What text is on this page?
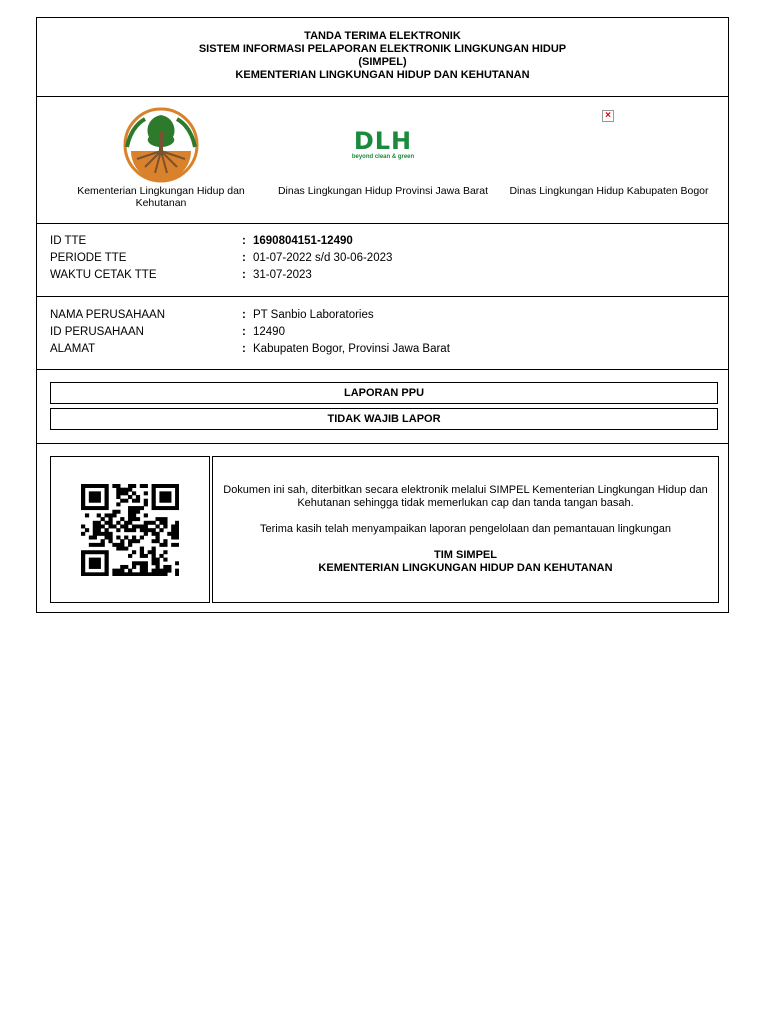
TANDA TERIMA ELEKTRONIK
SISTEM INFORMASI PELAPORAN ELEKTRONIK LINGKUNGAN HIDUP
(SIMPEL)
KEMENTERIAN LINGKUNGAN HIDUP DAN KEHUTANAN
Kementerian Lingkungan Hidup dan Kehutanan
DLH
beyond clean & green
Dinas Lingkungan Hidup Provinsi Jawa Barat
×
Dinas Lingkungan Hidup Kabupaten Bogor
ID TTE	: 1690804151-12490
PERIODE TTE	: 01-07-2022 s/d 30-06-2023
WAKTU CETAK TTE	: 31-07-2023
NAMA PERUSAHAAN	: PT Sanbio Laboratories
ID PERUSAHAAN	: 12490
ALAMAT	: Kabupaten Bogor, Provinsi Jawa Barat
LAPORAN PPU
TIDAK WAJIB LAPOR

Dokumen ini sah, diterbitkan secara elektronik melalui SIMPEL Kementerian Lingkungan Hidup dan Kehutanan sehingga tidak memerlukan cap dan tanda tangan basah.

Terima kasih telah menyampaikan laporan pengelolaan dan pemantauan lingkungan

TIM SIMPEL

KEMENTERIAN LINGKUNGAN HIDUP DAN KEHUTANAN
